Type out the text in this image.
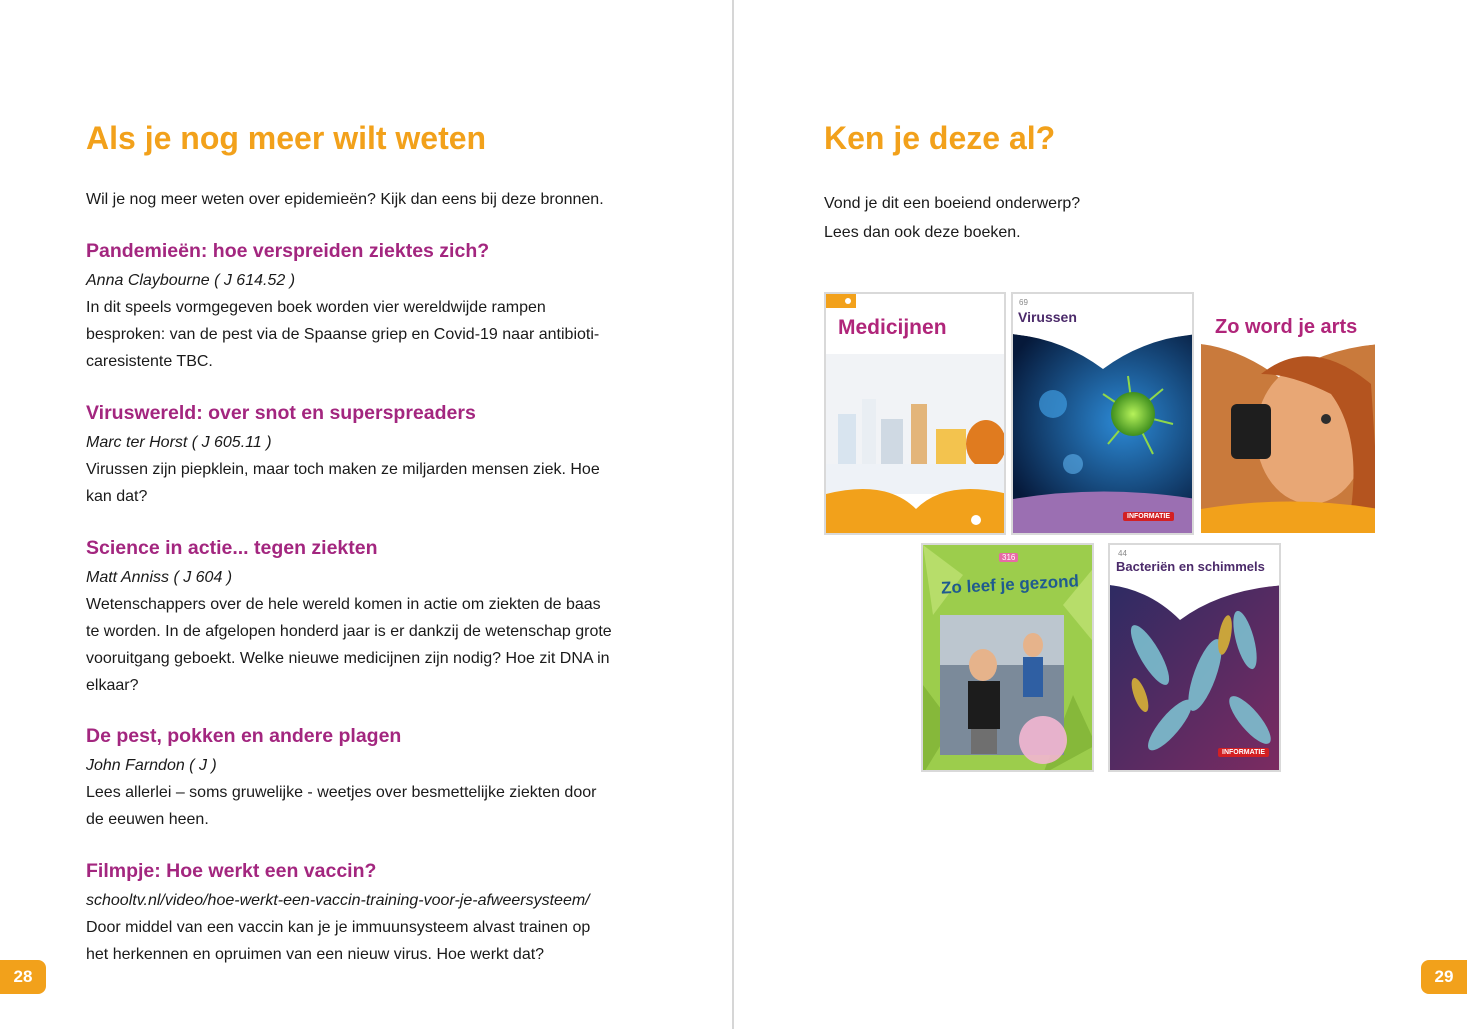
Als je nog meer wilt weten

Wil je nog meer weten over epidemieën? Kijk dan eens bij deze bronnen.

Pandemieën: hoe verspreiden ziektes zich?

Anna Claybourne ( J 614.52 )

In dit speels vormgegeven boek worden vier wereldwijde rampen besproken: van de pest via de Spaanse griep en Covid-19 naar antibioti-caresistente TBC.

Viruswereld: over snot en superspreaders

Marc ter Horst ( J 605.11 )

Virussen zijn piepklein, maar toch maken ze miljarden mensen ziek. Hoe kan dat?

Science in actie... tegen ziekten

Matt Anniss ( J 604 )

Wetenschappers over de hele wereld komen in actie om ziekten de baas te worden. In de afgelopen honderd jaar is er dankzij de wetenschap grote vooruitgang geboekt. Welke nieuwe medicijnen zijn nodig? Hoe zit DNA in elkaar?

De pest, pokken en andere plagen

John Farndon ( J )

Lees allerlei – soms gruwelijke - weetjes over besmettelijke ziekten door de eeuwen heen.

Filmpje: Hoe werkt een vaccin?

schooltv.nl/video/hoe-werkt-een-vaccin-training-voor-je-afweersysteem/

Door middel van een vaccin kan je je immuunsysteem alvast trainen op het herkennen en opruimen van een nieuw virus. Hoe werkt dat?

28
Ken je deze al?

Vond je dit een boeiend onderwerp?

Lees dan ook deze boeken.

Medicijnen
69
Virussen
INFORMATIE
Zo word je arts
316
Zo leef je gezond
44
Bacteriën en schimmels
INFORMATIE
29
